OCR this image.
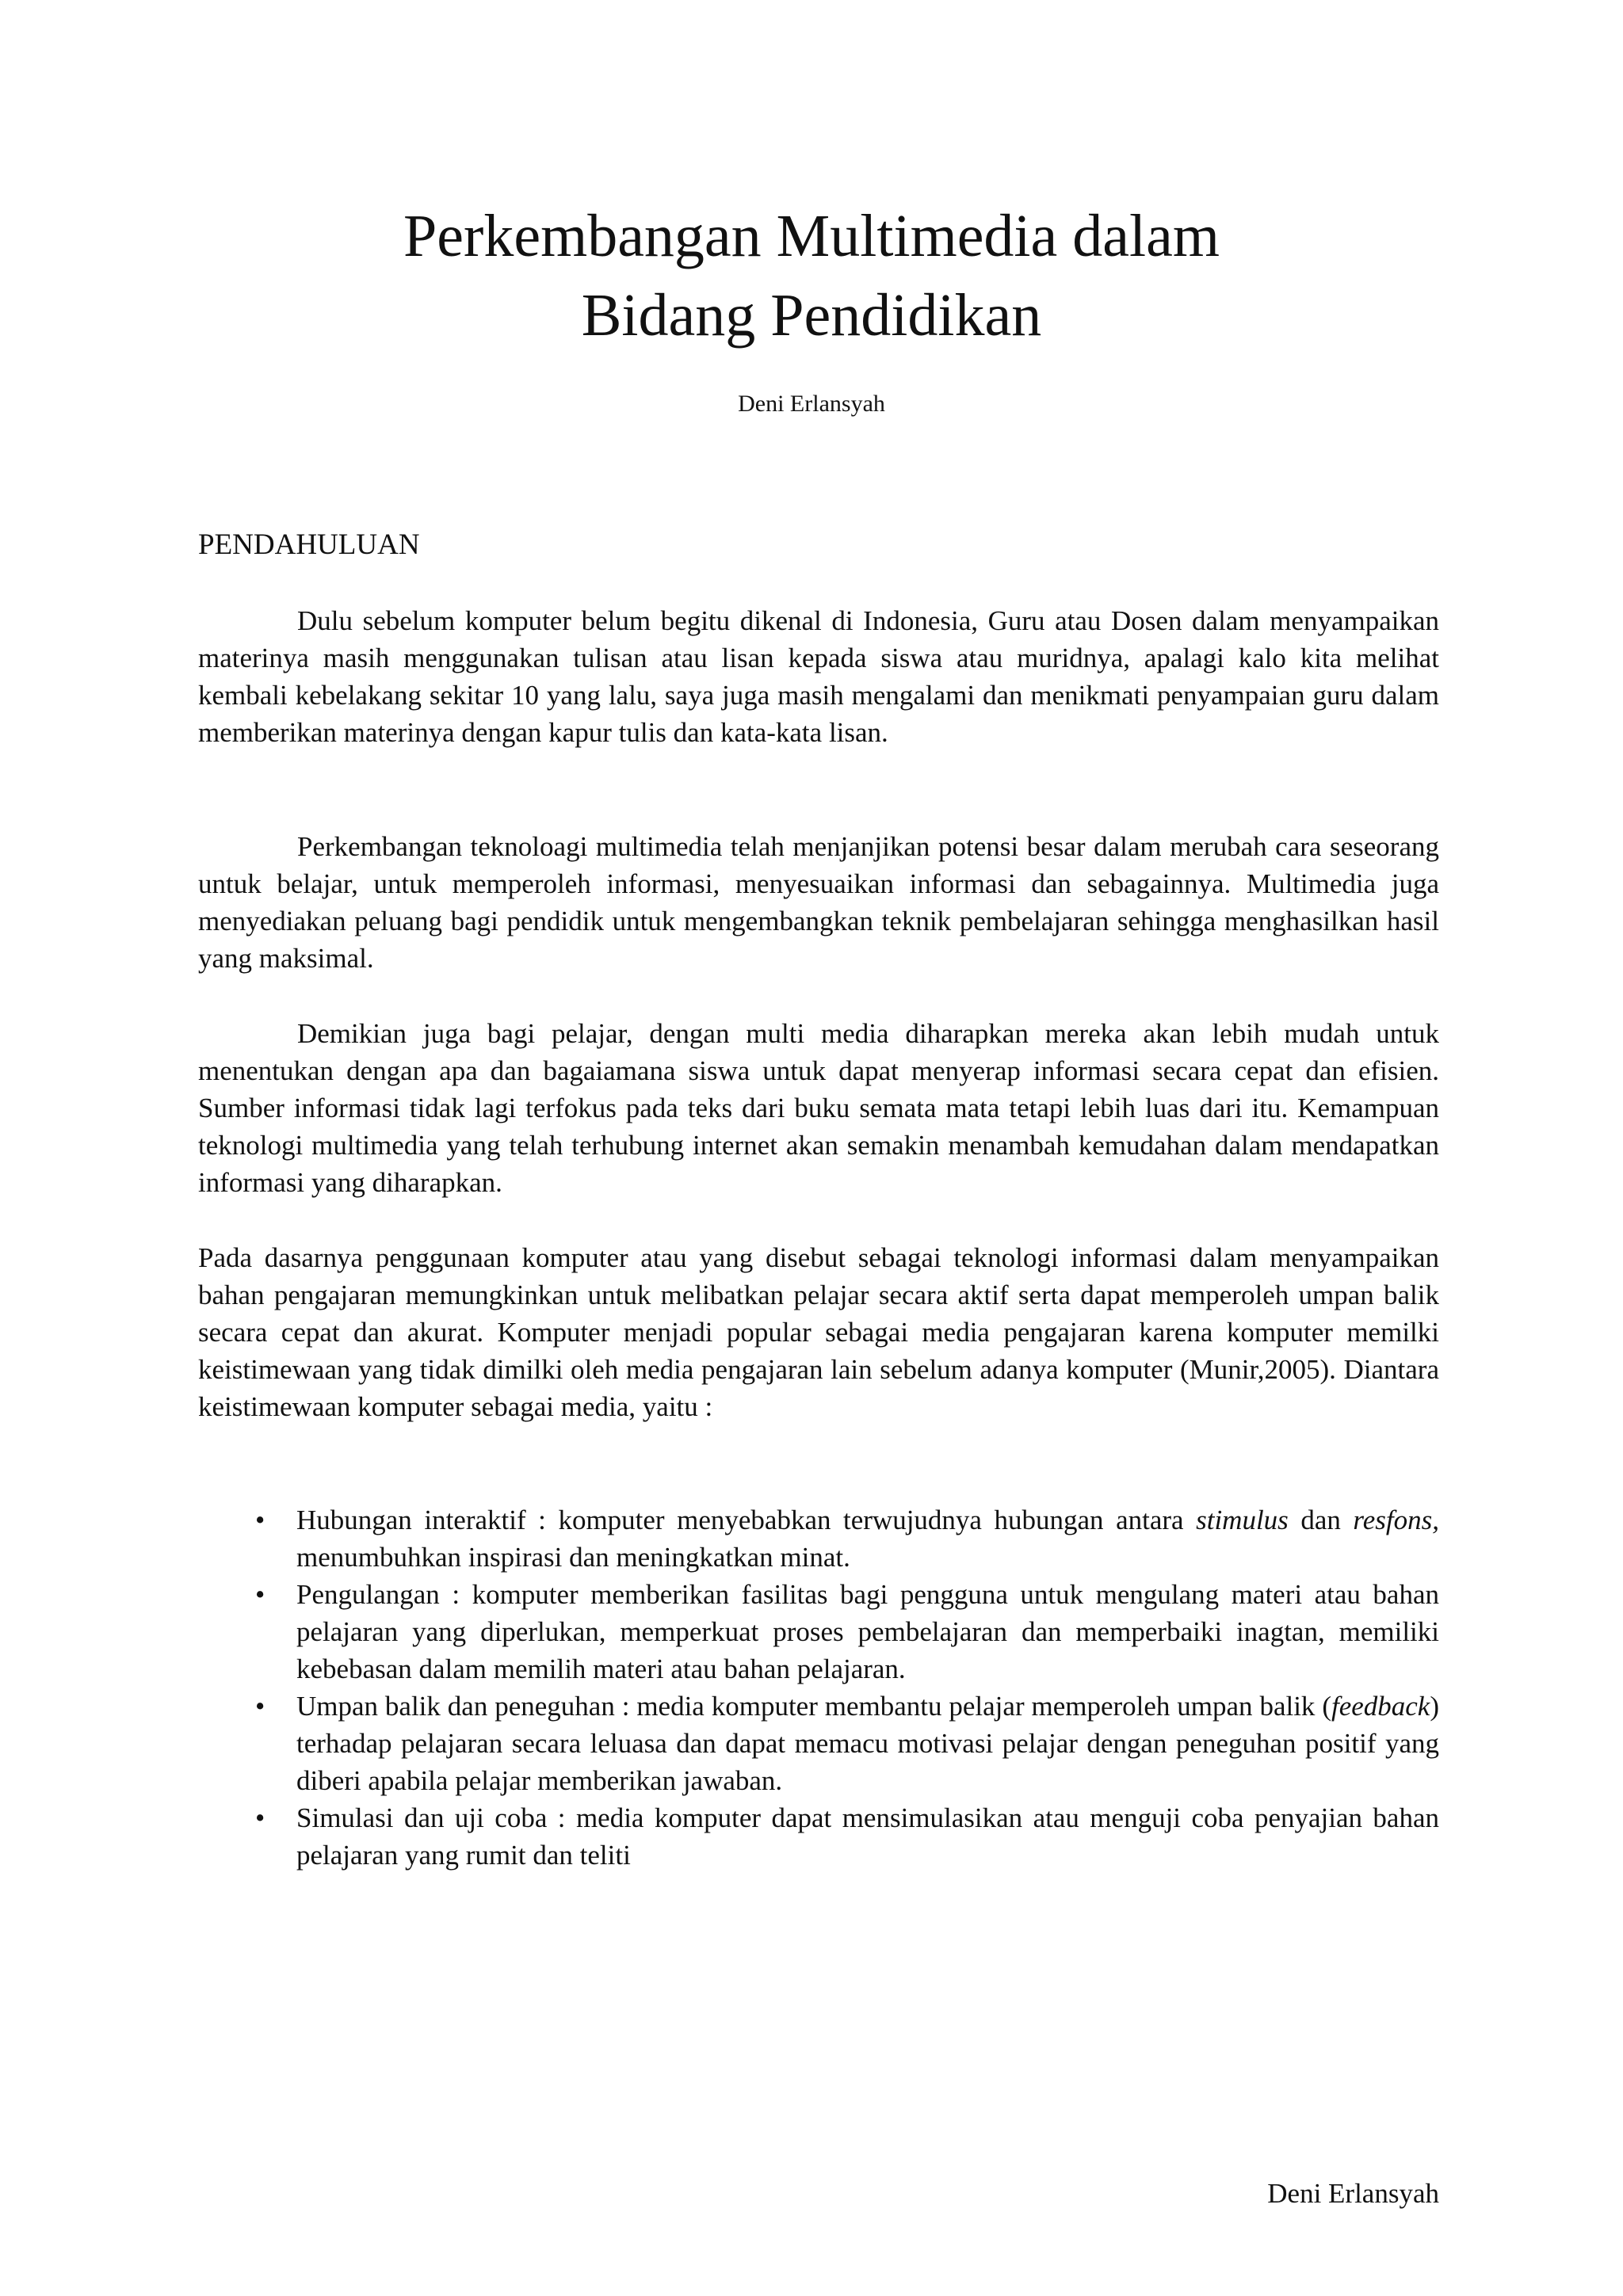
Perkembangan Multimedia dalam
Bidang Pendidikan
Deni Erlansyah
PENDAHULUAN

Dulu sebelum komputer belum begitu dikenal di Indonesia, Guru atau Dosen dalam menyampaikan materinya masih menggunakan tulisan atau lisan kepada siswa atau muridnya, apalagi kalo kita melihat kembali kebelakang sekitar 10 yang lalu, saya juga masih mengalami dan menikmati penyampaian guru dalam memberikan materinya dengan kapur tulis dan kata-kata lisan.

Perkembangan teknoloagi multimedia telah menjanjikan potensi besar dalam merubah cara seseorang untuk belajar, untuk memperoleh informasi, menyesuaikan informasi dan sebagainnya. Multimedia juga menyediakan peluang bagi pendidik untuk mengembangkan teknik pembelajaran sehingga menghasilkan hasil yang maksimal.

Demikian juga bagi pelajar, dengan multi media diharapkan mereka akan lebih mudah untuk menentukan dengan apa dan bagaiamana siswa untuk dapat menyerap informasi secara cepat dan efisien. Sumber informasi tidak lagi terfokus pada teks dari buku semata mata tetapi lebih luas dari itu. Kemampuan teknologi multimedia yang telah terhubung internet akan semakin menambah kemudahan dalam mendapatkan informasi yang diharapkan.

Pada dasarnya penggunaan komputer atau yang disebut sebagai teknologi informasi dalam menyampaikan bahan pengajaran memungkinkan untuk melibatkan pelajar secara aktif serta dapat memperoleh umpan balik secara cepat dan akurat. Komputer menjadi popular sebagai media pengajaran karena komputer memilki keistimewaan yang tidak dimilki oleh media pengajaran lain sebelum adanya komputer (Munir,2005). Diantara keistimewaan komputer sebagai media, yaitu :

• Hubungan interaktif : komputer menyebabkan terwujudnya hubungan antara stimulus dan resfons, menumbuhkan inspirasi dan meningkatkan minat.
• Pengulangan : komputer memberikan fasilitas bagi pengguna untuk mengulang materi atau bahan pelajaran yang diperlukan, memperkuat proses pembelajaran dan memperbaiki inagtan, memiliki kebebasan dalam memilih materi atau bahan pelajaran.
• Umpan balik dan peneguhan : media komputer membantu pelajar memperoleh umpan balik (feedback) terhadap pelajaran secara leluasa dan dapat memacu motivasi pelajar dengan peneguhan positif yang diberi apabila pelajar memberikan jawaban.
• Simulasi dan uji coba : media komputer dapat mensimulasikan atau menguji coba penyajian bahan pelajaran yang rumit dan teliti
Deni Erlansyah
